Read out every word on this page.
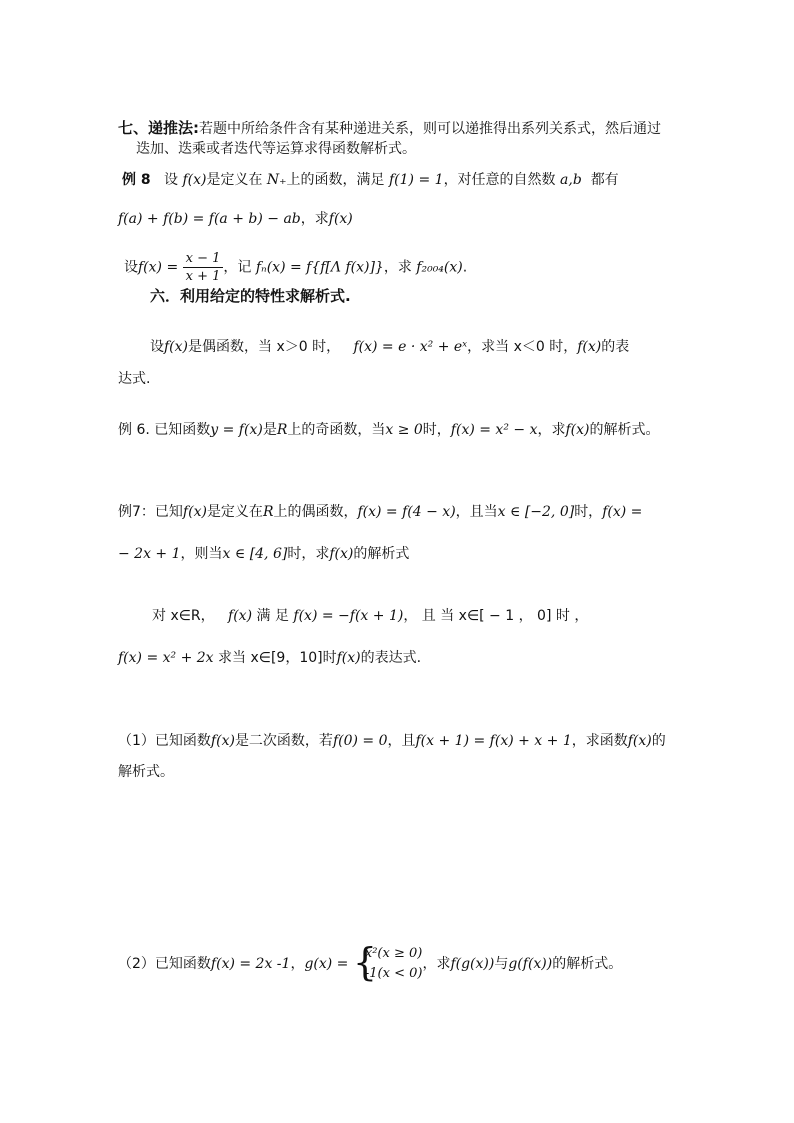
七、递推法:若题中所给条件含有某种递进关系，则可以递推得出系列关系式，然后通过
迭加、迭乘或者迭代等运算求得函数解析式。
例 8 设 f(x)是定义在 N₊上的函数，满足 f(1) = 1，对任意的自然数 a,b 都有
f(a) + f(b) = f(a + b) − ab，求f(x)
设$f(x) = \frac{x - 1}{x + 1}$ ，记 fₙ(x) = f{f[Λ f(x)]}，求 f₂₀₀₄(x).
六．利用给定的特性求解析式.
设f(x)是偶函数，当 x＞0 时， f(x) = e · x² + eˣ，求当 x＜0 时，f(x)的表
达式.
例 6. 已知函数y = f(x)是R上的奇函数，当x ≥ 0时，f(x) = x² − x，求f(x)的解析式。
例7：已知f(x)是定义在R上的偶函数，f(x) = f(4 − x)，且当x ∈ [−2, 0]时，f(x) =
− 2x + 1，则当x ∈ [4, 6]时，求f(x)的解析式
对 x∈R， f(x) 满 足 f(x) = −f(x + 1)， 且 当 x∈[ − 1 ， 0] 时 ，
f(x) = x² + 2x 求当 x∈[9，10]时f(x)的表达式.
（1）已知函数f(x)是二次函数，若f(0) = 0，且f(x + 1) = f(x) + x + 1，求函数f(x)的
解析式。
（2）已知函数f(x) = 2x -1，g(x) = {
x²(x ≥ 0)
-1(x < 0)
，求f(g(x))与g(f(x))的解析式。
